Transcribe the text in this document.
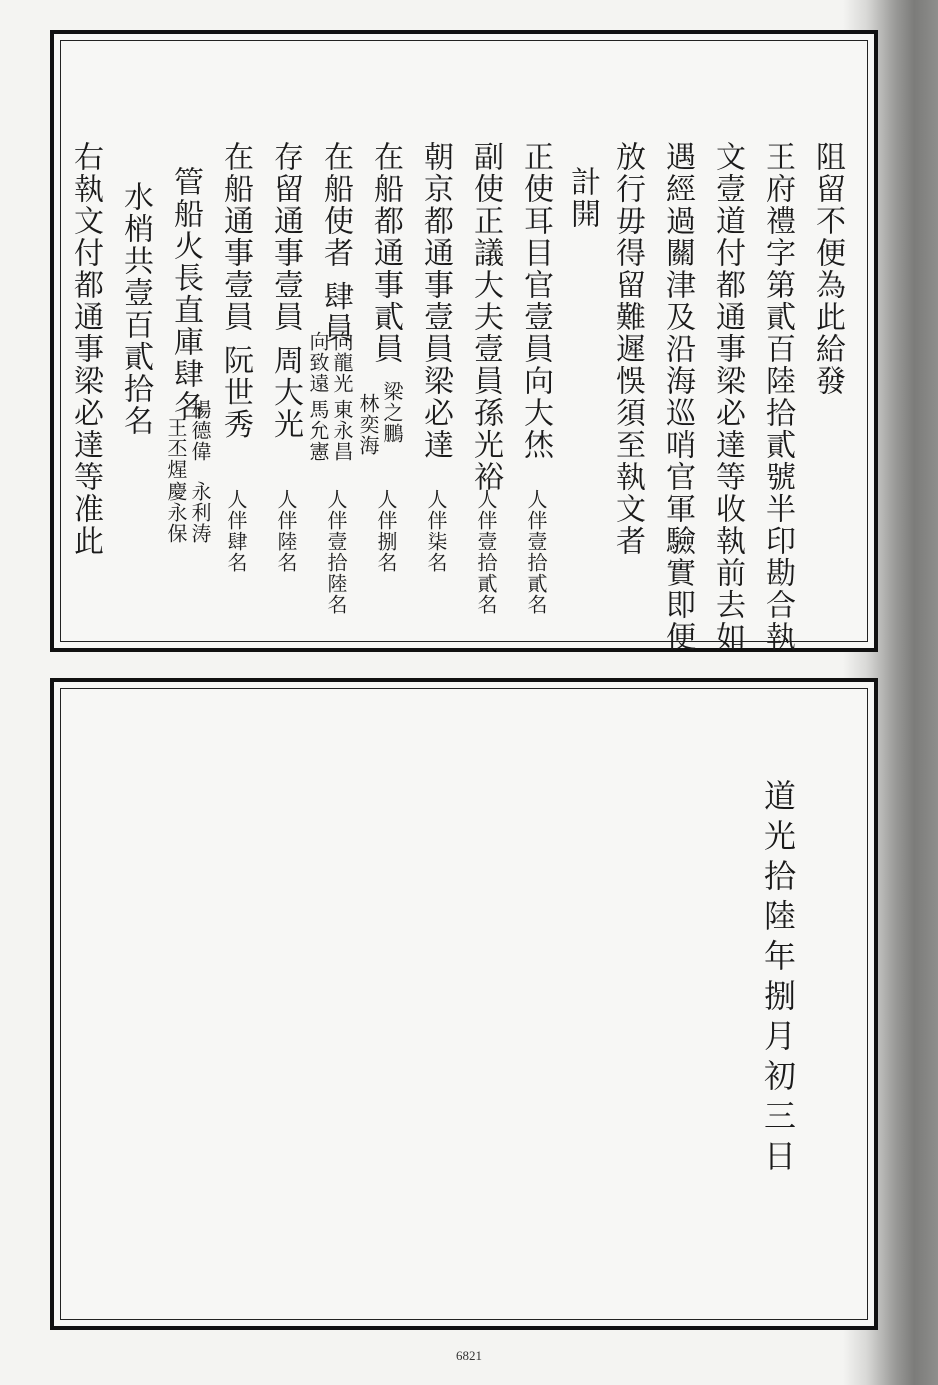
阻留不便為此給發
王府禮字第貳百陸拾貳號半印勘合執
文壹道付都通事梁必達等收執前去如
遇經過關津及沿海巡哨官軍驗實即便
放行毋得留難遲悞須至執文者
計開
正使耳目官壹員向大烋
人伴壹拾貳名
副使正議大夫壹員孫光裕
人伴壹拾貳名
朝京都通事壹員梁必達
人伴柒名
在船都通事貳員
梁之鵬
林奕海
人伴捌名
在船使者 肆員
向龍光
東永昌
向致遠
馬允憲
人伴壹拾陸名
存留通事壹員 周大光
人伴陸名
在船通事壹員 阮世秀
人伴肆名
管船火長直庫肆名
楊德偉
永利涛
王丕煋
慶永保
水梢共壹百貳拾名
右執文付都通事梁必達等准此
道光拾陸年捌月初三日
6821
